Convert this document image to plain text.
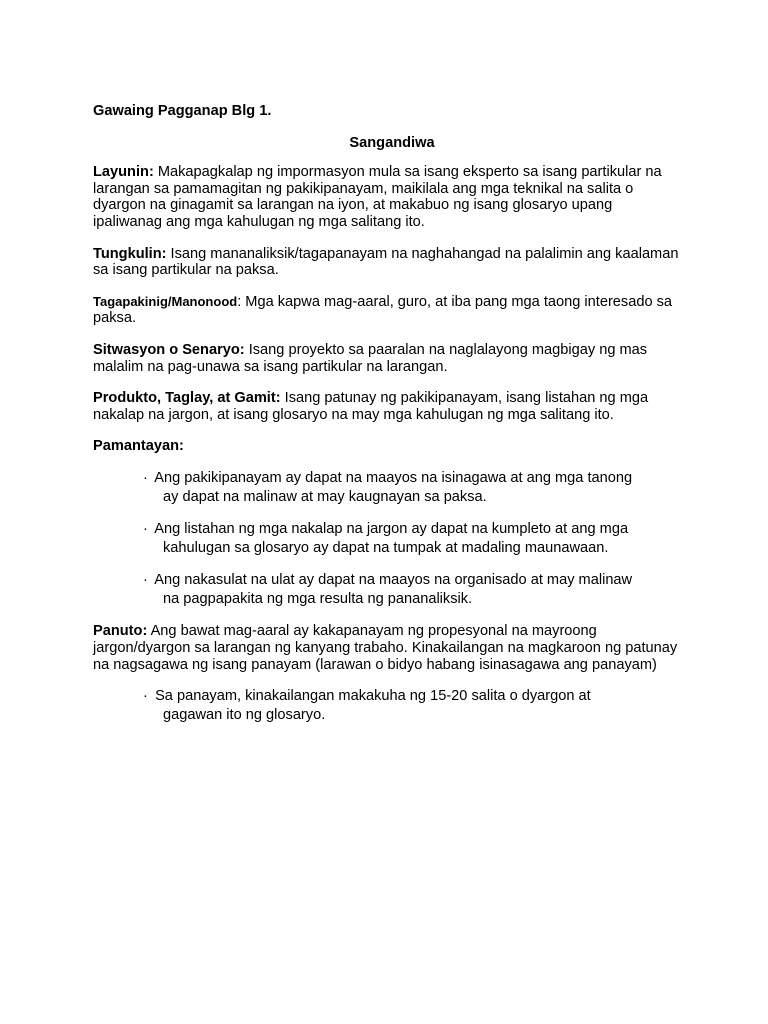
Gawaing Pagganap Blg 1.
Sangandiwa

Layunin: Makapagkalap ng impormasyon mula sa isang eksperto sa isang partikular na larangan sa pamamagitan ng pakikipanayam, maikilala ang mga teknikal na salita o dyargon na ginagamit sa larangan na iyon, at makabuo ng isang glosaryo upang ipaliwanag ang mga kahulugan ng mga salitang ito.

Tungkulin: Isang mananaliksik/tagapanayam na naghahangad na palalimin ang kaalaman sa isang partikular na paksa.

Tagapakinig/Manonood: Mga kapwa mag-aaral, guro, at iba pang mga taong interesado sa paksa.

Sitwasyon o Senaryo: Isang proyekto sa paaralan na naglalayong magbigay ng mas malalim na pag-unawa sa isang partikular na larangan.

Produkto, Taglay, at Gamit: Isang patunay ng pakikipanayam, isang listahan ng mga nakalap na jargon, at isang glosaryo na may mga kahulugan ng mga salitang ito.

Pamantayan:

· Ang pakikipanayam ay dapat na maayos na isinagawa at ang mga tanong
ay dapat na malinaw at may kaugnayan sa paksa.
· Ang listahan ng mga nakalap na jargon ay dapat na kumpleto at ang mga
kahulugan sa glosaryo ay dapat na tumpak at madaling maunawaan.
· Ang nakasulat na ulat ay dapat na maayos na organisado at may malinaw
na pagpapakita ng mga resulta ng pananaliksik.

Panuto: Ang bawat mag-aaral ay kakapanayam ng propesyonal na mayroong jargon/dyargon sa larangan ng kanyang trabaho. Kinakailangan na magkaroon ng patunay na nagsagawa ng isang panayam (larawan o bidyo habang isinasagawa ang panayam)

· Sa panayam, kinakailangan makakuha ng 15-20 salita o dyargon at
gagawan ito ng glosaryo.
